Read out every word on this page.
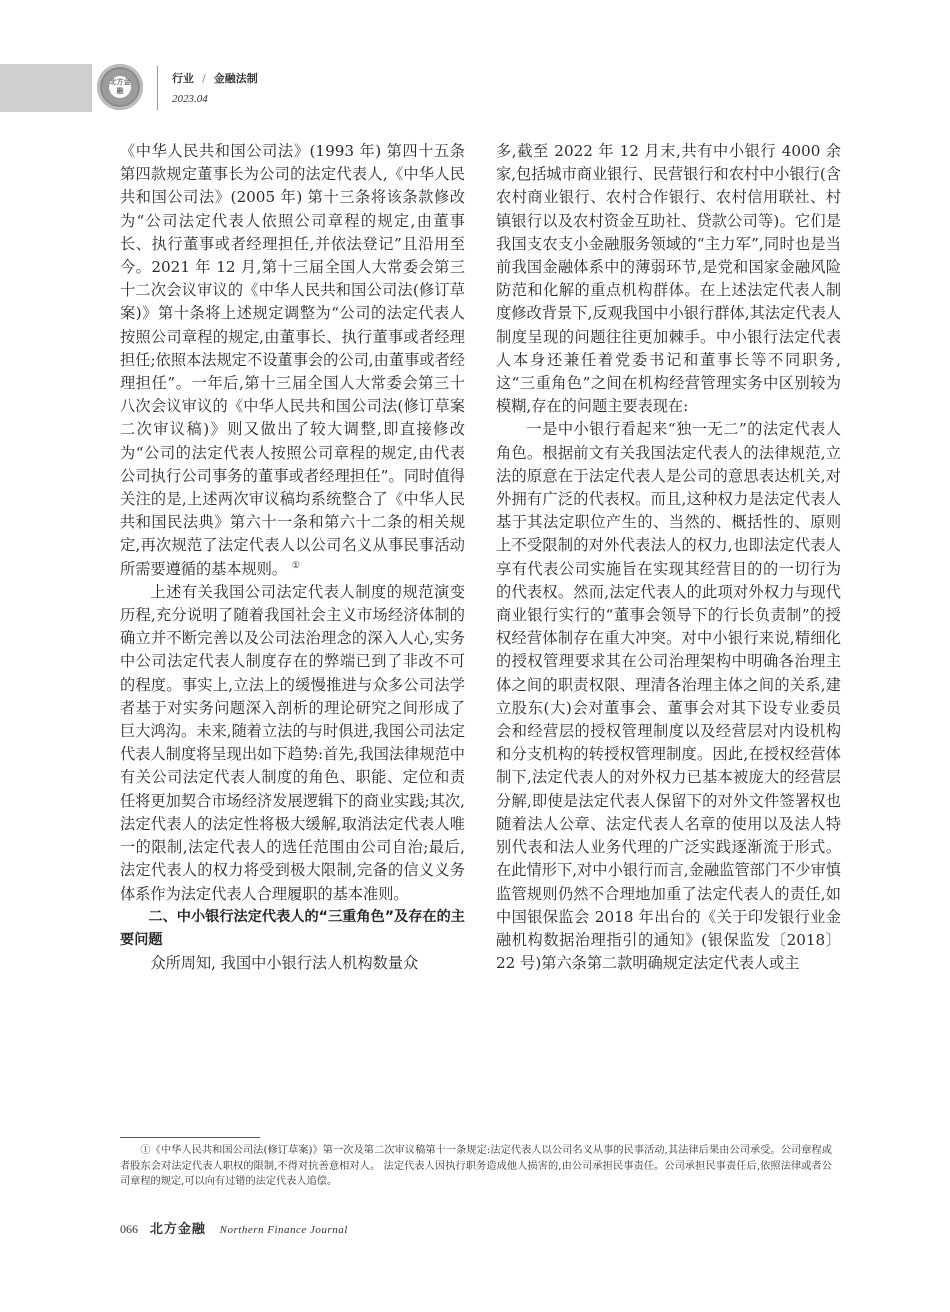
北方金融
行业 / 金融法制
2023.04

《中华人民共和国公司法》(1993 年) 第四十五条第四款规定董事长为公司的法定代表人,《中华人民共和国公司法》(2005 年) 第十三条将该条款修改为“公司法定代表人依照公司章程的规定,由董事长、执行董事或者经理担任,并依法登记”且沿用至今。2021 年 12 月,第十三届全国人大常委会第三十二次会议审议的《中华人民共和国公司法(修订草案)》第十条将上述规定调整为“公司的法定代表人按照公司章程的规定,由董事长、执行董事或者经理担任;依照本法规定不设董事会的公司,由董事或者经理担任”。一年后,第十三届全国人大常委会第三十八次会议审议的《中华人民共和国公司法(修订草案二次审议稿)》则又做出了较大调整,即直接修改为“公司的法定代表人按照公司章程的规定,由代表公司执行公司事务的董事或者经理担任”。同时值得关注的是,上述两次审议稿均系统整合了《中华人民共和国民法典》第六十一条和第六十二条的相关规定,再次规范了法定代表人以公司名义从事民事活动所需要遵循的基本规则。 ①

上述有关我国公司法定代表人制度的规范演变历程,充分说明了随着我国社会主义市场经济体制的确立并不断完善以及公司法治理念的深入人心,实务中公司法定代表人制度存在的弊端已到了非改不可的程度。事实上,立法上的缓慢推进与众多公司法学者基于对实务问题深入剖析的理论研究之间形成了巨大鸿沟。未来,随着立法的与时俱进,我国公司法定代表人制度将呈现出如下趋势:首先,我国法律规范中有关公司法定代表人制度的角色、职能、定位和责任将更加契合市场经济发展逻辑下的商业实践;其次,法定代表人的法定性将极大缓解,取消法定代表人唯一的限制,法定代表人的选任范围由公司自治;最后,法定代表人的权力将受到极大限制,完备的信义义务体系作为法定代表人合理履职的基本准则。

二、中小银行法定代表人的“三重角色”及存在的主要问题

众所周知, 我国中小银行法人机构数量众

多,截至 2022 年 12 月末,共有中小银行 4000 余家,包括城市商业银行、民营银行和农村中小银行(含农村商业银行、农村合作银行、农村信用联社、村镇银行以及农村资金互助社、贷款公司等)。它们是我国支农支小金融服务领域的“主力军”,同时也是当前我国金融体系中的薄弱环节,是党和国家金融风险防范和化解的重点机构群体。在上述法定代表人制度修改背景下,反观我国中小银行群体,其法定代表人制度呈现的问题往往更加棘手。中小银行法定代表人本身还兼任着党委书记和董事长等不同职务,这“三重角色”之间在机构经营管理实务中区别较为模糊,存在的问题主要表现在:

一是中小银行看起来“独一无二”的法定代表人角色。根据前文有关我国法定代表人的法律规范,立法的原意在于法定代表人是公司的意思表达机关,对外拥有广泛的代表权。而且,这种权力是法定代表人基于其法定职位产生的、当然的、概括性的、原则上不受限制的对外代表法人的权力,也即法定代表人享有代表公司实施旨在实现其经营目的的一切行为的代表权。然而,法定代表人的此项对外权力与现代商业银行实行的“董事会领导下的行长负责制”的授权经营体制存在重大冲突。对中小银行来说,精细化的授权管理要求其在公司治理架构中明确各治理主体之间的职责权限、理清各治理主体之间的关系,建立股东(大)会对董事会、董事会对其下设专业委员会和经营层的授权管理制度以及经营层对内设机构和分支机构的转授权管理制度。因此,在授权经营体制下,法定代表人的对外权力已基本被庞大的经营层分解,即使是法定代表人保留下的对外文件签署权也随着法人公章、法定代表人名章的使用以及法人特别代表和法人业务代理的广泛实践逐渐流于形式。在此情形下,对中小银行而言,金融监管部门不少审慎监管规则仍然不合理地加重了法定代表人的责任,如中国银保监会 2018 年出台的《关于印发银行业金融机构数据治理指引的通知》(银保监发〔2018〕22 号)第六条第二款明确规定法定代表人或主

①《中华人民共和国公司法(修订草案)》第一次及第二次审议稿第十一条规定:法定代表人以公司名义从事的民事活动,其法律后果由公司承受。公司章程或者股东会对法定代表人职权的限制,不得对抗善意相对人。 法定代表人因执行职务造成他人损害的,由公司承担民事责任。公司承担民事责任后,依照法律或者公司章程的规定,可以向有过错的法定代表人追偿。
066 北方金融 Northern Finance Journal
